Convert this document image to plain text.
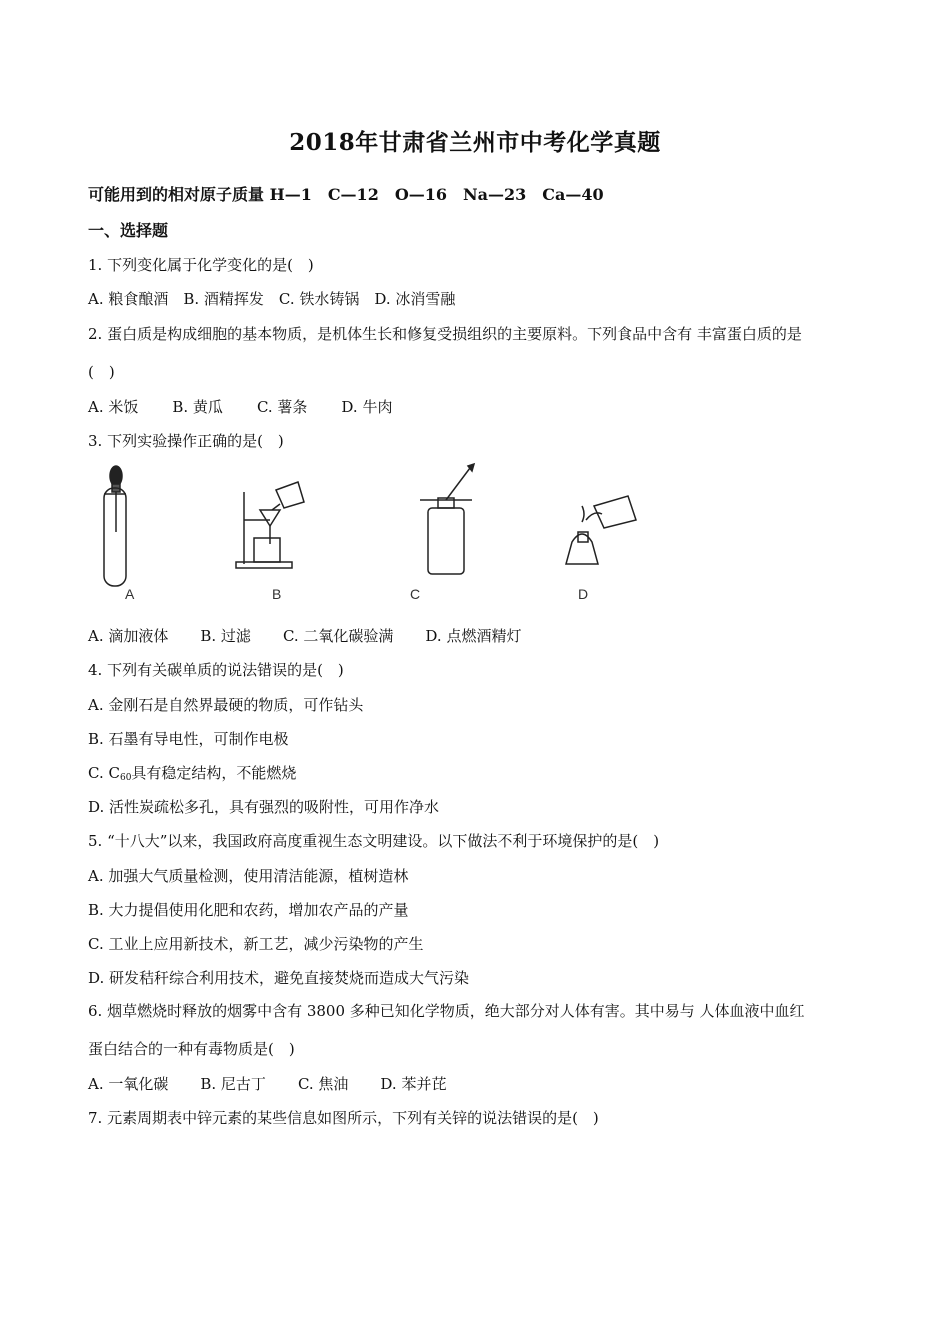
2018年甘肃省兰州市中考化学真题
可能用到的相对原子质量 H—1　C—12　O—16　Na—23　Ca—40
一、选择题
1. 下列变化属于化学变化的是(　)
A. 粮食酿酒　B. 酒精挥发　C. 铁水铸锅　D. 冰消雪融
2. 蛋白质是构成细胞的基本物质，是机体生长和修复受损组织的主要原料。下列食品中含有 丰富蛋白质的是
(　)
A. 米饭 B. 黄瓜 C. 薯条 D. 牛肉
3. 下列实验操作正确的是(　)
A	B	C	D
A. 滴加液体 B. 过滤 C. 二氧化碳验满 D. 点燃酒精灯
4. 下列有关碳单质的说法错误的是(　)
A. 金刚石是自然界最硬的物质，可作钻头
B. 石墨有导电性，可制作电极
C. $C_{60}$具有稳定结构，不能燃烧
D. 活性炭疏松多孔，具有强烈的吸附性，可用作净水
5. “十八大”以来，我国政府高度重视生态文明建设。以下做法不利于环境保护的是(　)
A. 加强大气质量检测，使用清洁能源，植树造林
B. 大力提倡使用化肥和农药，增加农产品的产量
C. 工业上应用新技术，新工艺，减少污染物的产生
D. 研发秸秆综合利用技术，避免直接焚烧而造成大气污染
6. 烟草燃烧时释放的烟雾中含有 3800 多种已知化学物质，绝大部分对人体有害。其中易与 人体血液中血红
蛋白结合的一种有毒物质是(　)
A. 一氧化碳 B. 尼古丁 C. 焦油 D. 苯并芘
7. 元素周期表中锌元素的某些信息如图所示，下列有关锌的说法错误的是(　)
